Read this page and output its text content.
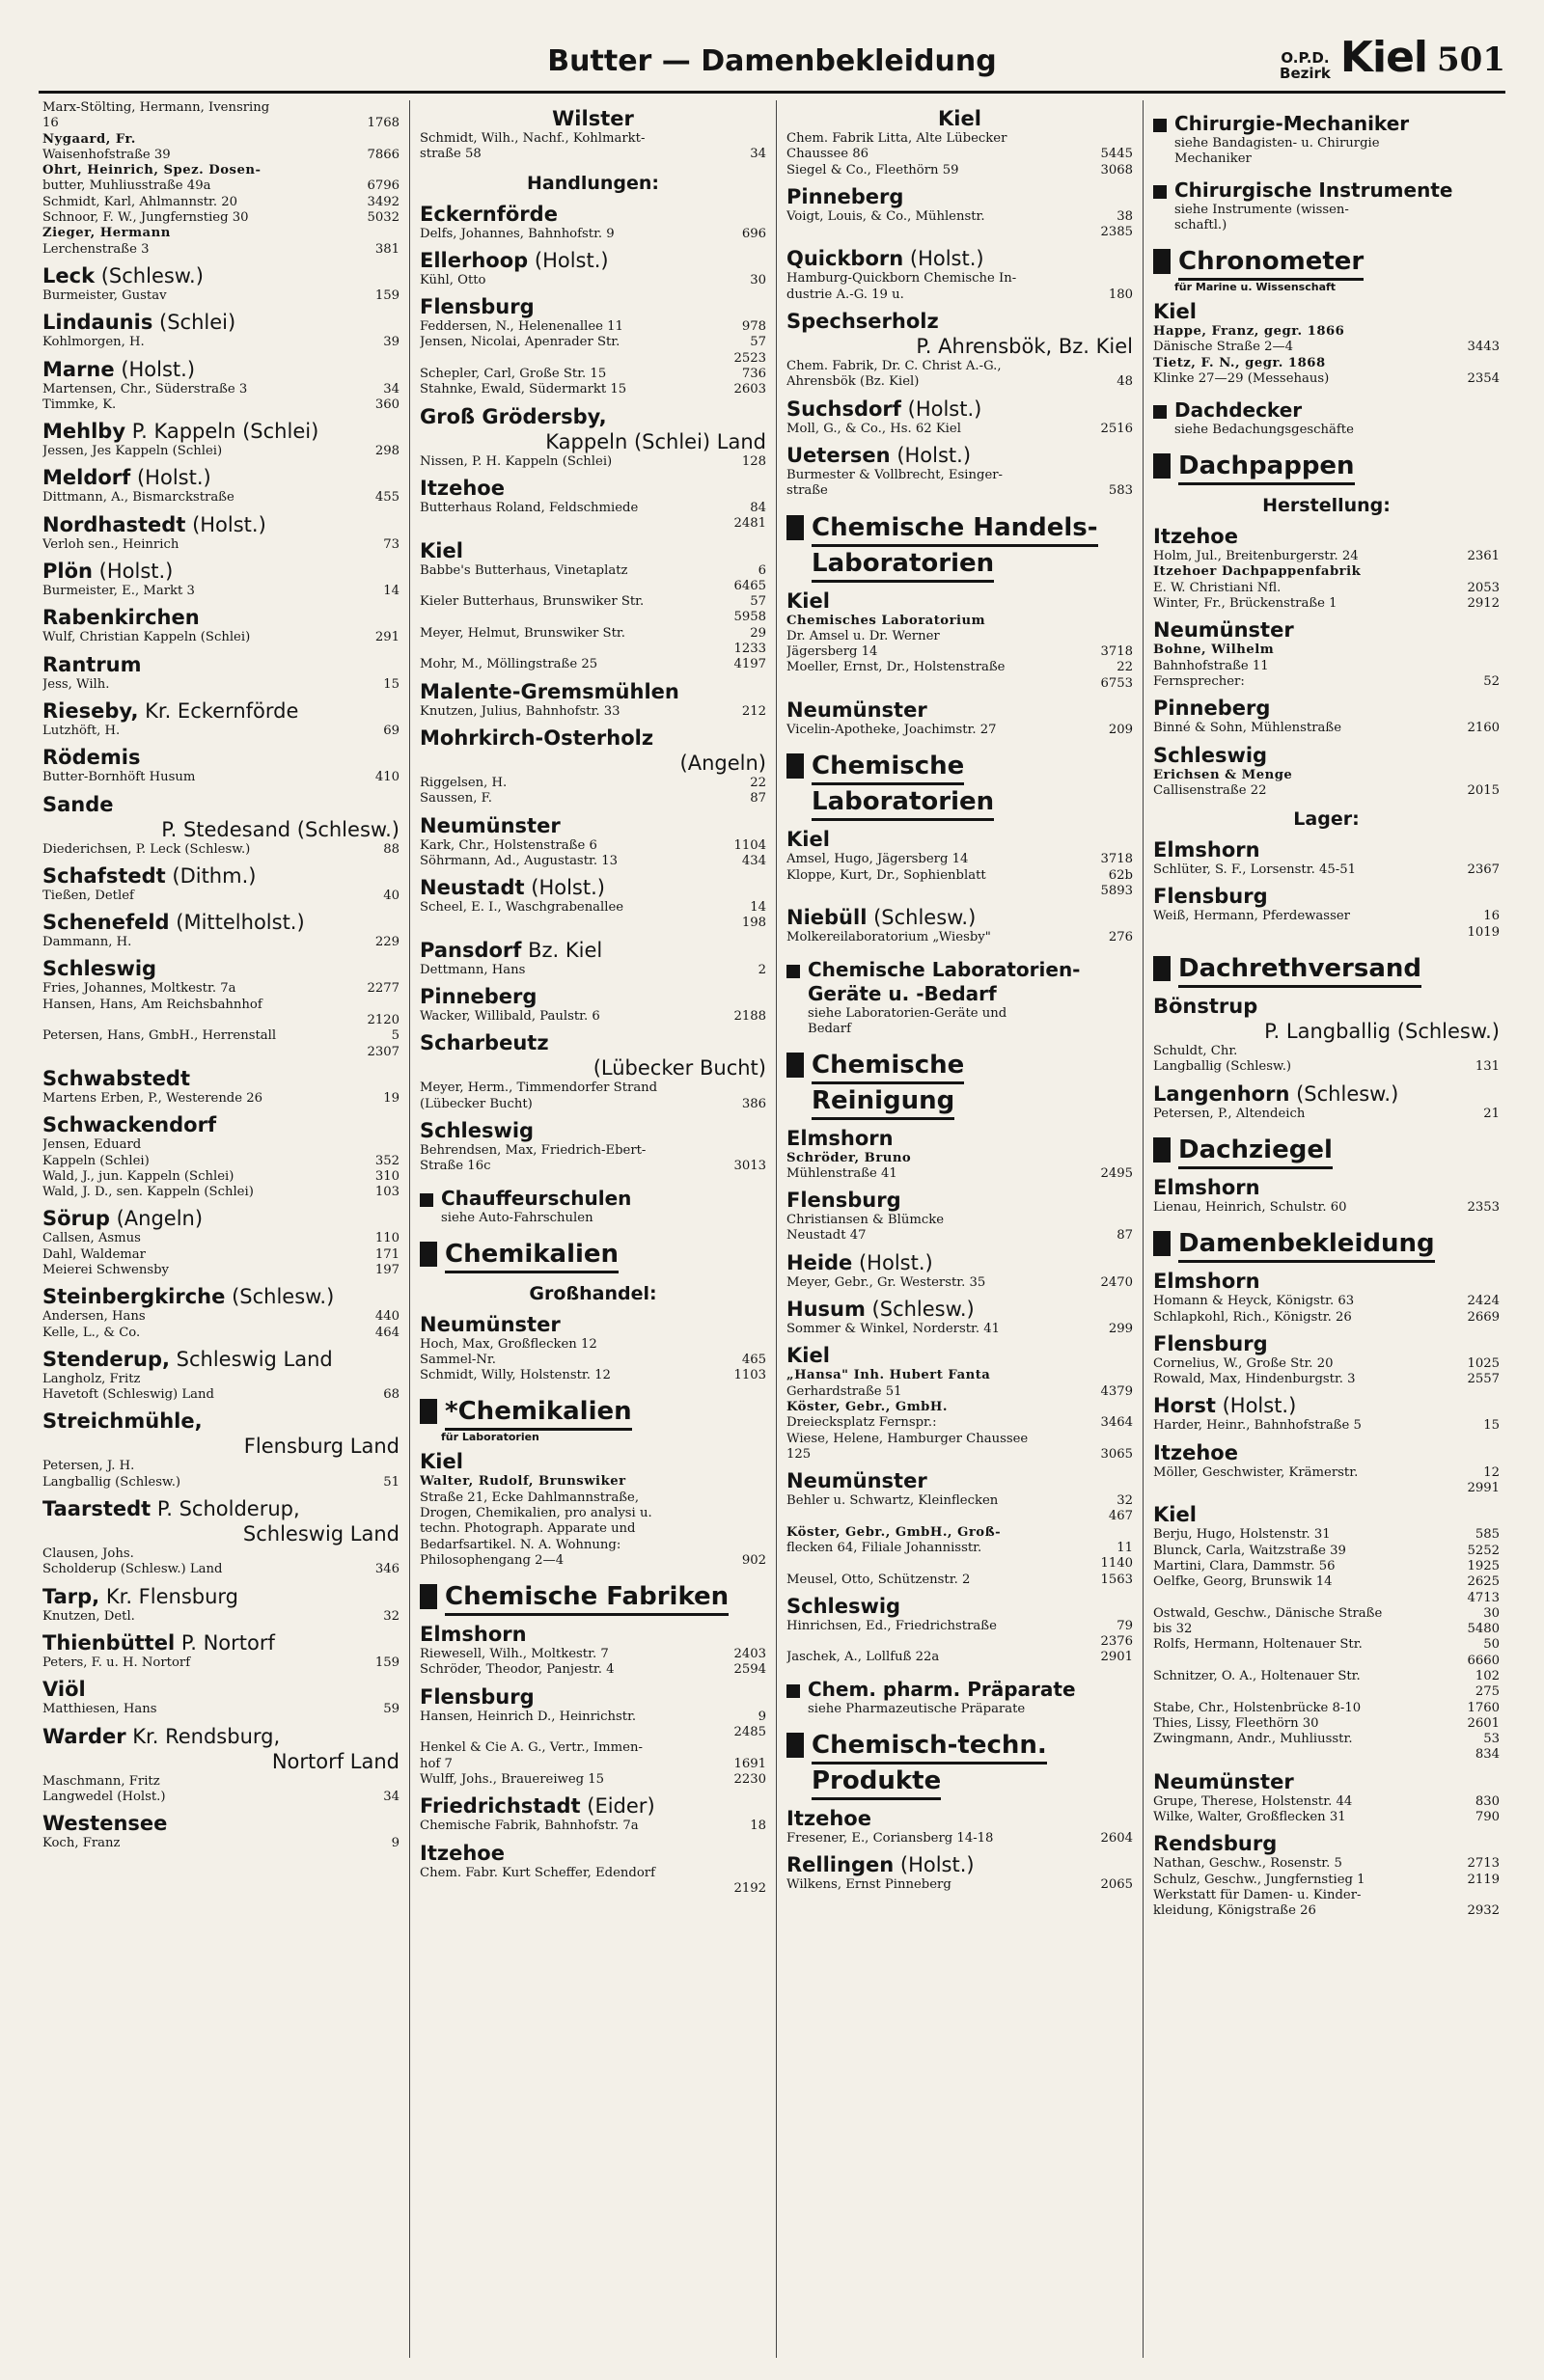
Butter — Damenbekleidung	O.P.D.
Bezirk Kiel 501
Marx-Stölting, Hermann, Ivensring
16	1768
Nygaard, Fr.
Waisenhofstraße 39	7866
Ohrt, Heinrich, Spez. Dosen-
butter, Muhliusstraße 49a	6796
Schmidt, Karl, Ahlmannstr. 20	3492
Schnoor, F. W., Jungfernstieg 30	5032
Zieger, Hermann
Lerchenstraße 3	381
Leck (Schlesw.)
Burmeister, Gustav	159
Lindaunis (Schlei)
Kohlmorgen, H.	39
Marne (Holst.)
Martensen, Chr., Süderstraße 3	34
Timmke, K.	360
Mehlby P. Kappeln (Schlei)
Jessen, Jes Kappeln (Schlei)	298
Meldorf (Holst.)
Dittmann, A., Bismarckstraße	455
Nordhastedt (Holst.)
Verloh sen., Heinrich	73
Plön (Holst.)
Burmeister, E., Markt 3	14
Rabenkirchen
Wulf, Christian Kappeln (Schlei)	291
Rantrum
Jess, Wilh.	15
Rieseby, Kr. Eckernförde
Lutzhöft, H.	69
Rödemis
Butter-Bornhöft Husum	410
Sande
P. Stedesand (Schlesw.)
Diederichsen, P. Leck (Schlesw.)	88
Schafstedt (Dithm.)
Tießen, Detlef	40
Schenefeld (Mittelholst.)
Dammann, H.	229
Schleswig
Fries, Johannes, Moltkestr. 7a	2277
Hansen, Hans, Am Reichsbahnhof
2120
Petersen, Hans, GmbH., Herrenstall	5
2307
Schwabstedt
Martens Erben, P., Westerende 26	19
Schwackendorf
Jensen, Eduard
Kappeln (Schlei)	352
Wald, J., jun. Kappeln (Schlei)	310
Wald, J. D., sen. Kappeln (Schlei)	103
Sörup (Angeln)
Callsen, Asmus	110
Dahl, Waldemar	171
Meierei Schwensby	197
Steinbergkirche (Schlesw.)
Andersen, Hans	440
Kelle, L., & Co.	464
Stenderup, Schleswig Land
Langholz, Fritz
Havetoft (Schleswig) Land	68
Streichmühle,
Flensburg Land
Petersen, J. H.
Langballig (Schlesw.)	51
Taarstedt P. Scholderup,
Schleswig Land
Clausen, Johs.
Scholderup (Schlesw.) Land	346
Tarp, Kr. Flensburg
Knutzen, Detl.	32
Thienbüttel P. Nortorf
Peters, F. u. H. Nortorf	159
Viöl
Matthiesen, Hans	59
Warder Kr. Rendsburg,
Nortorf Land
Maschmann, Fritz
Langwedel (Holst.)	34
Westensee
Koch, Franz	9
Wilster
Schmidt, Wilh., Nachf., Kohlmarkt-
straße 58	34
Handlungen:
Eckernförde
Delfs, Johannes, Bahnhofstr. 9	696
Ellerhoop (Holst.)
Kühl, Otto	30
Flensburg
Feddersen, N., Helenenallee 11	978
Jensen, Nicolai, Apenrader Str.	57
2523
Schepler, Carl, Große Str. 15	736
Stahnke, Ewald, Südermarkt 15	2603
Groß Grödersby,
Kappeln (Schlei) Land
Nissen, P. H. Kappeln (Schlei)	128
Itzehoe
Butterhaus Roland, Feldschmiede	84
2481
Kiel
Babbe's Butterhaus, Vinetaplatz	6
6465
Kieler Butterhaus, Brunswiker Str.	57
5958
Meyer, Helmut, Brunswiker Str.	29
1233
Mohr, M., Möllingstraße 25	4197
Malente-Gremsmühlen
Knutzen, Julius, Bahnhofstr. 33	212
Mohrkirch-Osterholz
(Angeln)
Riggelsen, H.	22
Saussen, F.	87
Neumünster
Kark, Chr., Holstenstraße 6	1104
Söhrmann, Ad., Augustastr. 13	434
Neustadt (Holst.)
Scheel, E. I., Waschgrabenallee	14
198
Pansdorf Bz. Kiel
Dettmann, Hans	2
Pinneberg
Wacker, Willibald, Paulstr. 6	2188
Scharbeutz
(Lübecker Bucht)
Meyer, Herm., Timmendorfer Strand
(Lübecker Bucht)	386
Schleswig
Behrendsen, Max, Friedrich-Ebert-
Straße 16c	3013
Chauffeurschulen
siehe Auto-Fahrschulen
Chemikalien
Großhandel:
Neumünster
Hoch, Max, Großflecken 12
Sammel-Nr.	465
Schmidt, Willy, Holstenstr. 12	1103
*Chemikalien
für Laboratorien
Kiel
Walter, Rudolf, Brunswiker
Straße 21, Ecke Dahlmannstraße,
Drogen, Chemikalien, pro analysi u.
techn. Photograph. Apparate und
Bedarfsartikel. N. A. Wohnung:
Philosophengang 2—4	902
Chemische Fabriken
Elmshorn
Riewesell, Wilh., Moltkestr. 7	2403
Schröder, Theodor, Panjestr. 4	2594
Flensburg
Hansen, Heinrich D., Heinrichstr.	9
2485
Henkel & Cie A. G., Vertr., Immen-
hof 7	1691
Wulff, Johs., Brauereiweg 15	2230
Friedrichstadt (Eider)
Chemische Fabrik, Bahnhofstr. 7a	18
Itzehoe
Chem. Fabr. Kurt Scheffer, Edendorf
2192
Kiel
Chem. Fabrik Litta, Alte Lübecker
Chaussee 86	5445
Siegel & Co., Fleethörn 59	3068
Pinneberg
Voigt, Louis, & Co., Mühlenstr.	38
2385
Quickborn (Holst.)
Hamburg-Quickborn Chemische In-
dustrie A.-G. 19 u.	180
Spechserholz
P. Ahrensbök, Bz. Kiel
Chem. Fabrik, Dr. C. Christ A.-G.,
Ahrensbök (Bz. Kiel)	48
Suchsdorf (Holst.)
Moll, G., & Co., Hs. 62 Kiel	2516
Uetersen (Holst.)
Burmester & Vollbrecht, Esinger-
straße	583
Chemische Handels-
Laboratorien
Kiel
Chemisches Laboratorium
Dr. Amsel u. Dr. Werner
Jägersberg 14	3718
Moeller, Ernst, Dr., Holstenstraße	22
6753
Neumünster
Vicelin-Apotheke, Joachimstr. 27	209
Chemische
Laboratorien
Kiel
Amsel, Hugo, Jägersberg 14	3718
Kloppe, Kurt, Dr., Sophienblatt	62b
5893
Niebüll (Schlesw.)
Molkereilaboratorium „Wiesby"	276
Chemische Laboratorien-
Geräte u. -Bedarf
siehe Laboratorien-Geräte und
Bedarf
Chemische
Reinigung
Elmshorn
Schröder, Bruno
Mühlenstraße 41	2495
Flensburg
Christiansen & Blümcke
Neustadt 47	87
Heide (Holst.)
Meyer, Gebr., Gr. Westerstr. 35	2470
Husum (Schlesw.)
Sommer & Winkel, Norderstr. 41	299
Kiel
„Hansa" Inh. Hubert Fanta
Gerhardstraße 51	4379
Köster, Gebr., GmbH.
Dreiecksplatz Fernspr.:	3464
Wiese, Helene, Hamburger Chaussee
125	3065
Neumünster
Behler u. Schwartz, Kleinflecken	32
467
Köster, Gebr., GmbH., Groß-
flecken 64, Filiale Johannisstr.	11
1140
Meusel, Otto, Schützenstr. 2	1563
Schleswig
Hinrichsen, Ed., Friedrichstraße	79
2376
Jaschek, A., Lollfuß 22a	2901
Chem. pharm. Präparate
siehe Pharmazeutische Präparate
Chemisch-techn.
Produkte
Itzehoe
Fresener, E., Coriansberg 14-18	2604
Rellingen (Holst.)
Wilkens, Ernst Pinneberg	2065
Chirurgie-Mechaniker
siehe Bandagisten- u. Chirurgie
Mechaniker
Chirurgische Instrumente
siehe Instrumente (wissen-
schaftl.)
Chronometer
für Marine u. Wissenschaft
Kiel
Happe, Franz, gegr. 1866
Dänische Straße 2—4	3443
Tietz, F. N., gegr. 1868
Klinke 27—29 (Messehaus)	2354
Dachdecker
siehe Bedachungsgeschäfte
Dachpappen
Herstellung:
Itzehoe
Holm, Jul., Breitenburgerstr. 24	2361
Itzehoer Dachpappenfabrik
E. W. Christiani Nfl.	2053
Winter, Fr., Brückenstraße 1	2912
Neumünster
Bohne, Wilhelm
Bahnhofstraße 11
Fernsprecher:	52
Pinneberg
Binné & Sohn, Mühlenstraße	2160
Schleswig
Erichsen & Menge
Callisenstraße 22	2015
Lager:
Elmshorn
Schlüter, S. F., Lorsenstr. 45-51	2367
Flensburg
Weiß, Hermann, Pferdewasser	16
1019
Dachrethversand
Bönstrup
P. Langballig (Schlesw.)
Schuldt, Chr.
Langballig (Schlesw.)	131
Langenhorn (Schlesw.)
Petersen, P., Altendeich	21
Dachziegel
Elmshorn
Lienau, Heinrich, Schulstr. 60	2353
Damenbekleidung
Elmshorn
Homann & Heyck, Königstr. 63	2424
Schlapkohl, Rich., Königstr. 26	2669
Flensburg
Cornelius, W., Große Str. 20	1025
Rowald, Max, Hindenburgstr. 3	2557
Horst (Holst.)
Harder, Heinr., Bahnhofstraße 5	15
Itzehoe
Möller, Geschwister, Krämerstr.	12
2991
Kiel
Berju, Hugo, Holstenstr. 31	585
Blunck, Carla, Waitzstraße 39	5252
Martini, Clara, Dammstr. 56	1925
Oelfke, Georg, Brunswik 14	2625
4713
Ostwald, Geschw., Dänische Straße	30
bis 32	5480
Rolfs, Hermann, Holtenauer Str.	50
6660
Schnitzer, O. A., Holtenauer Str.	102
275
Stabe, Chr., Holstenbrücke 8-10	1760
Thies, Lissy, Fleethörn 30	2601
Zwingmann, Andr., Muhliusstr.	53
834
Neumünster
Grupe, Therese, Holstenstr. 44	830
Wilke, Walter, Großflecken 31	790
Rendsburg
Nathan, Geschw., Rosenstr. 5	2713
Schulz, Geschw., Jungfernstieg 1	2119
Werkstatt für Damen- u. Kinder-
kleidung, Königstraße 26	2932
